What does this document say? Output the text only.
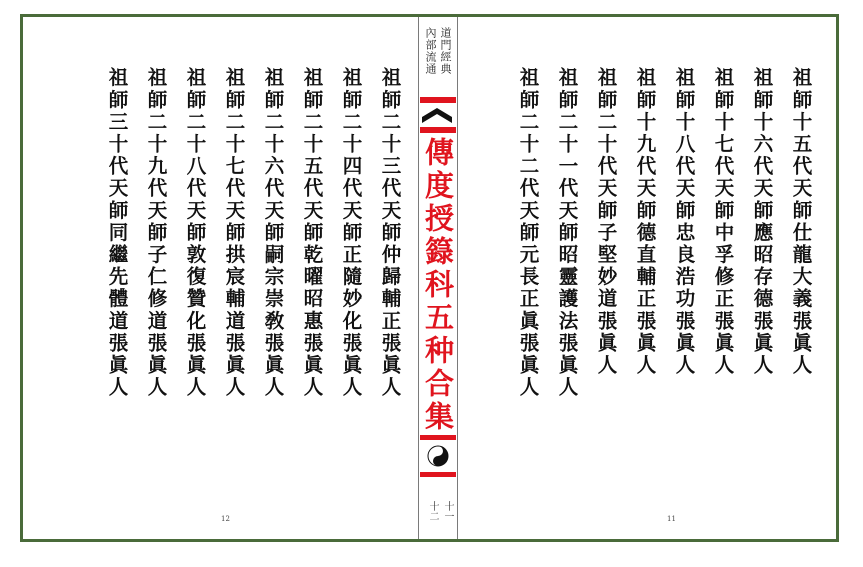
祖師二十三代天師仲歸輔正張眞人
祖師二十四代天師正隨妙化張眞人
祖師二十五代天師乾曜昭惠張眞人
祖師二十六代天師嗣宗崇敎張眞人
祖師二十七代天師拱宸輔道張眞人
祖師二十八代天師敦復贊化張眞人
祖師二十九代天師子仁修道張眞人
祖師三十代天師同繼先體道張眞人
12
道門經典
內部流通
傳度授籙科五种合集
十一
十二
祖師十五代天師仕龍大義張眞人
祖師十六代天師應昭存德張眞人
祖師十七代天師中孚修正張眞人
祖師十八代天師忠良浩功張眞人
祖師十九代天師德直輔正張眞人
祖師二十代天師子堅妙道張眞人
祖師二十一代天師昭靈護法張眞人
祖師二十二代天師元長正眞張眞人
11
